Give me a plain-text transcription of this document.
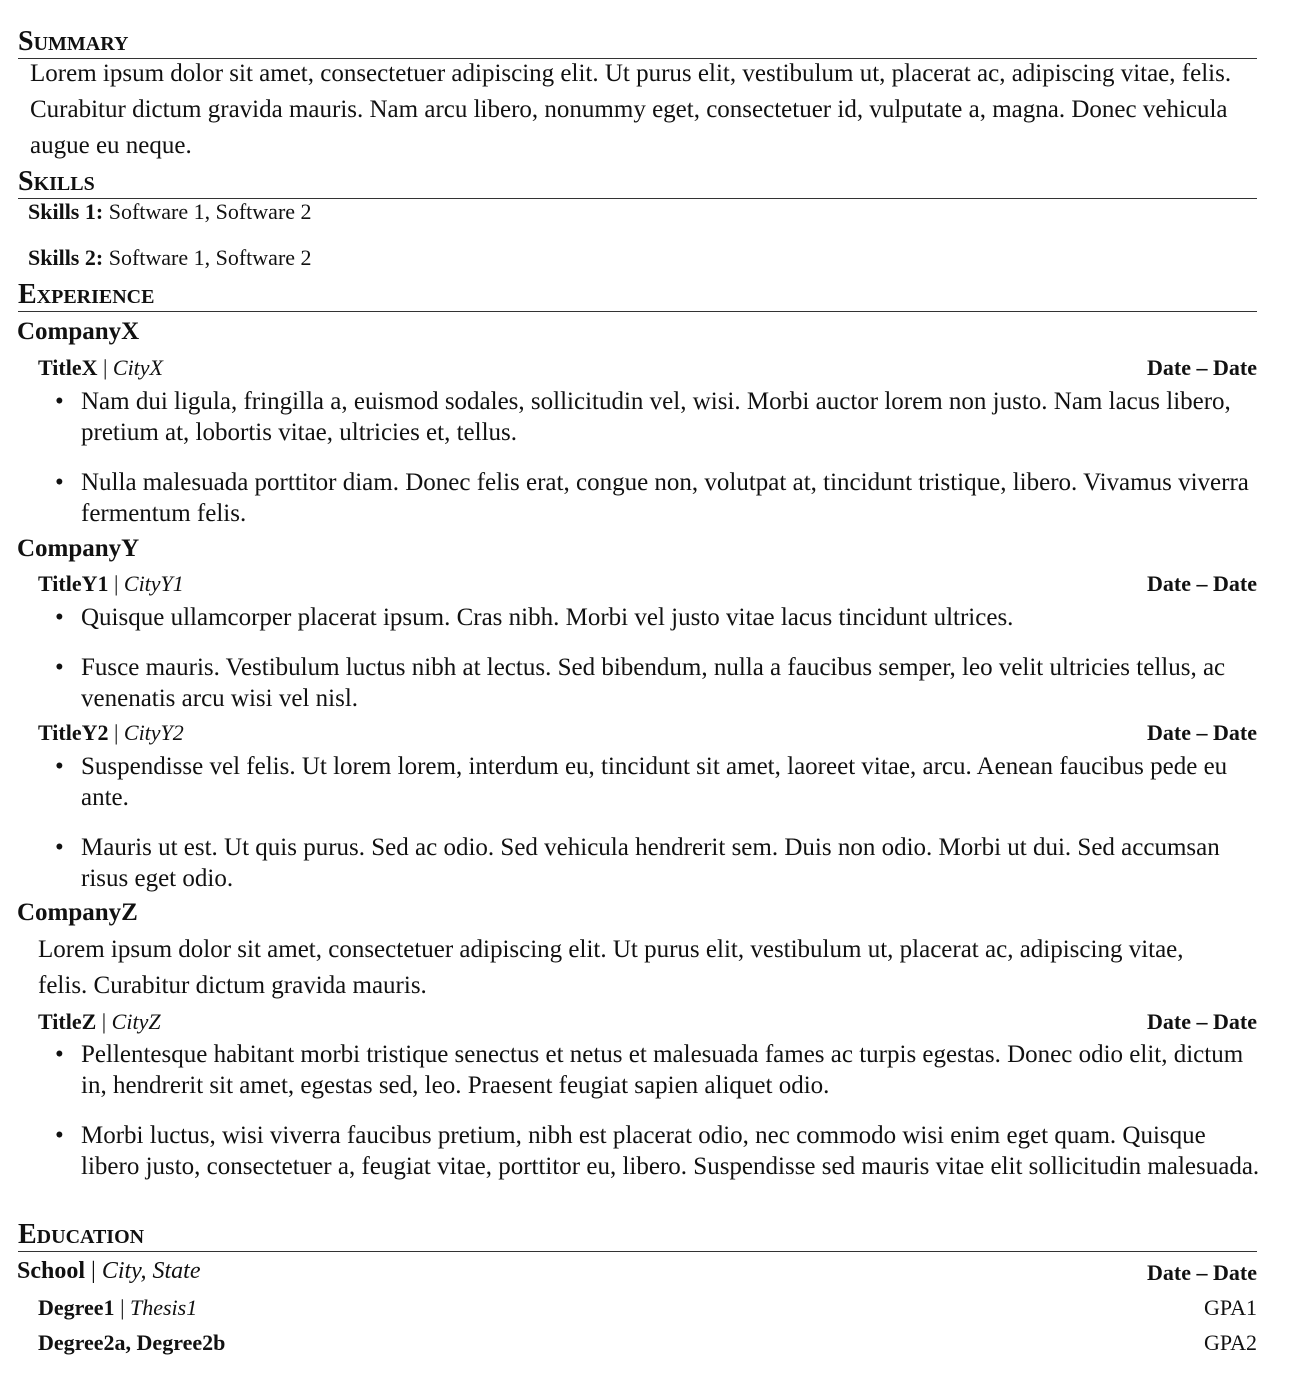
Summary
Lorem ipsum dolor sit amet, consectetuer adipiscing elit. Ut purus elit, vestibulum ut, placerat ac, adipiscing vitae, felis. Curabitur dictum gravida mauris. Nam arcu libero, nonummy eget, consectetuer id, vulputate a, magna. Donec vehicula augue eu neque.
Skills
Skills 1: Software 1, Software 2
Skills 2: Software 1, Software 2
Experience
CompanyX
TitleX | CityX	Date – Date
• Nam dui ligula, fringilla a, euismod sodales, sollicitudin vel, wisi. Morbi auctor lorem non justo. Nam lacus libero, pretium at, lobortis vitae, ultricies et, tellus.
• Nulla malesuada porttitor diam. Donec felis erat, congue non, volutpat at, tincidunt tristique, libero. Vivamus viverra fermentum felis.
CompanyY
TitleY1 | CityY1	Date – Date
• Quisque ullamcorper placerat ipsum. Cras nibh. Morbi vel justo vitae lacus tincidunt ultrices.
• Fusce mauris. Vestibulum luctus nibh at lectus. Sed bibendum, nulla a faucibus semper, leo velit ultricies tellus, ac venenatis arcu wisi vel nisl.
TitleY2 | CityY2	Date – Date
• Suspendisse vel felis. Ut lorem lorem, interdum eu, tincidunt sit amet, laoreet vitae, arcu. Aenean faucibus pede eu ante.
• Mauris ut est. Ut quis purus. Sed ac odio. Sed vehicula hendrerit sem. Duis non odio. Morbi ut dui. Sed accumsan risus eget odio.
CompanyZ
Lorem ipsum dolor sit amet, consectetuer adipiscing elit. Ut purus elit, vestibulum ut, placerat ac, adipiscing vitae, felis. Curabitur dictum gravida mauris.
TitleZ | CityZ	Date – Date
• Pellentesque habitant morbi tristique senectus et netus et malesuada fames ac turpis egestas. Donec odio elit, dictum in, hendrerit sit amet, egestas sed, leo. Praesent feugiat sapien aliquet odio.
• Morbi luctus, wisi viverra faucibus pretium, nibh est placerat odio, nec commodo wisi enim eget quam. Quisque libero justo, consectetuer a, feugiat vitae, porttitor eu, libero. Suspendisse sed mauris vitae elit sollicitudin malesuada.
Education
School | City, State	Date – Date
Degree1 | Thesis1	GPA1
Degree2a, Degree2b	GPA2
